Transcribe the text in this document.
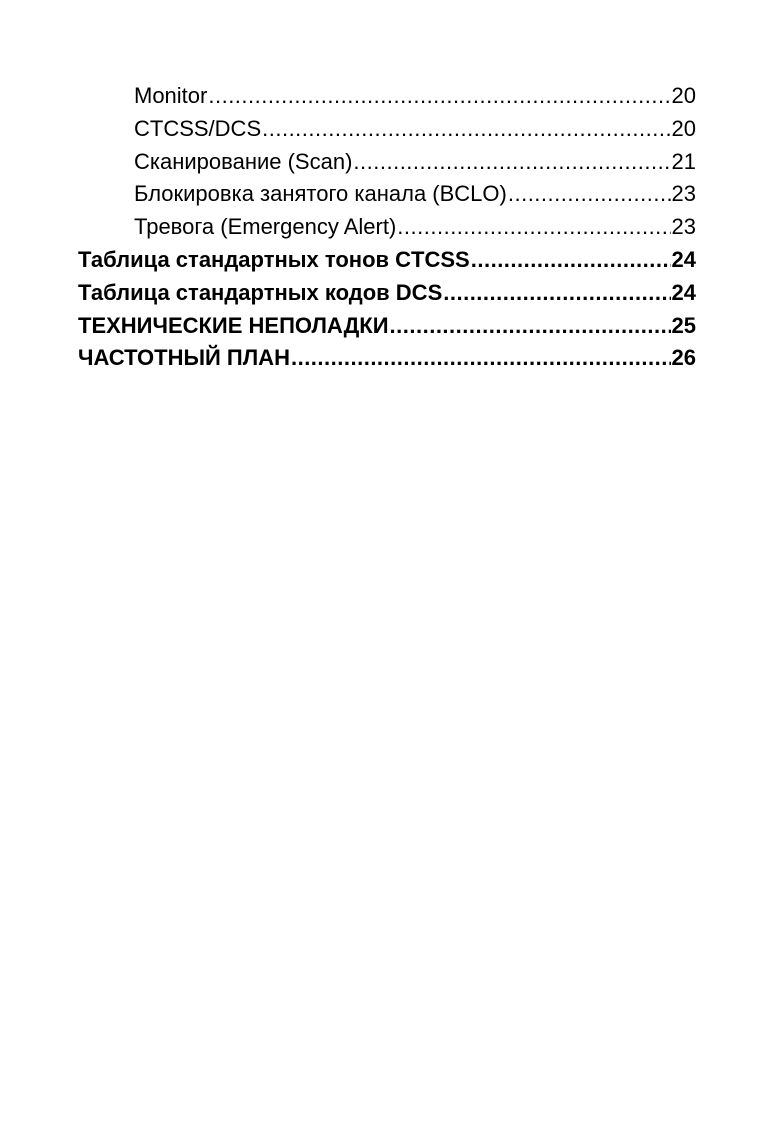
Monitor .....	20
CTCSS/DCS .....	20
Сканирование (Scan) .....	21
Блокировка занятого канала (BCLO) .....	23
Тревога (Emergency Alert) .....	23
Таблица стандартных тонов CTCSS .....	24
Таблица стандартных кодов DCS .....	24
ТЕХНИЧЕСКИЕ НЕПОЛАДКИ .....	25
ЧАСТОТНЫЙ ПЛАН .....	26
